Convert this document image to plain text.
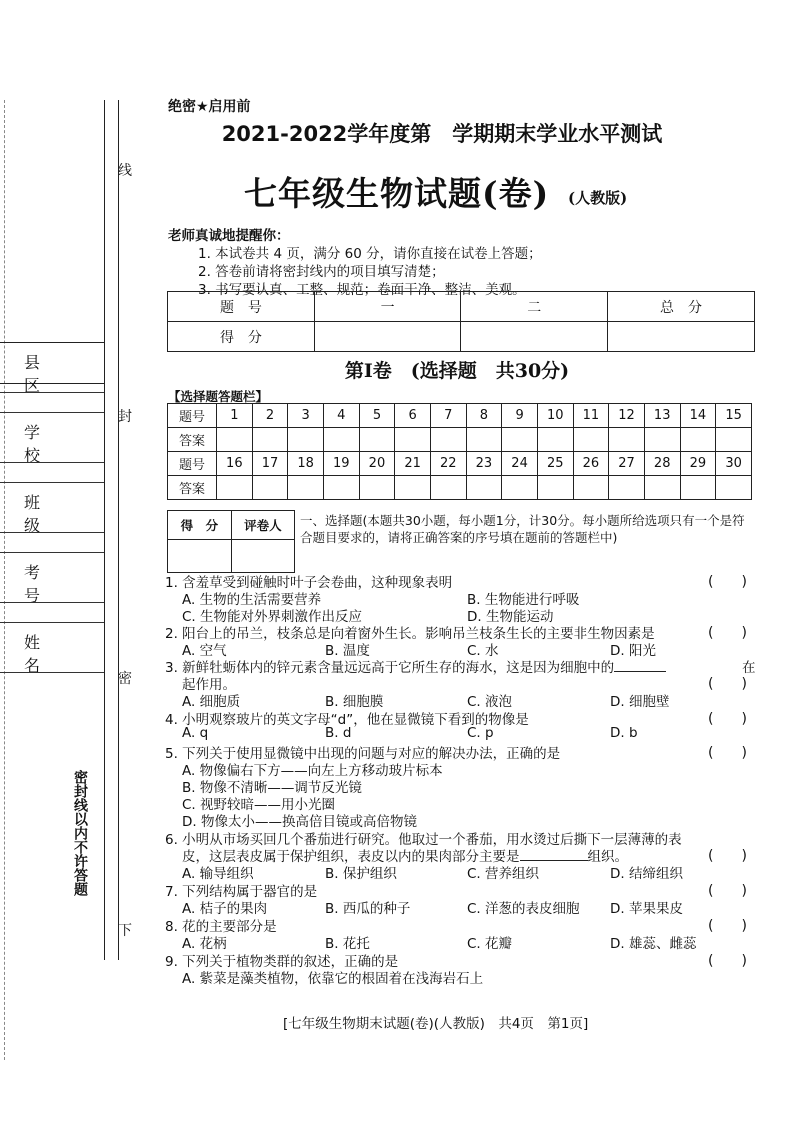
县区
学校
班级
考号
姓名
线
封
密
下
密封线以内不许答题
绝密★启用前
2021-2022学年度第　学期期末学业水平测试
七年级生物试题(卷) (人教版)
老师真诚地提醒你：
1. 本试卷共 4 页，满分 60 分，请你直接在试卷上答题；
2. 答卷前请将密封线内的项目填写清楚；
3. 书写要认真、工整、规范；卷面干净、整洁、美观。
题　号	一	二	总　分
得　分			
第Ⅰ卷　(选择题　共30分)
【选择题答题栏】
题号	1	2	3	4	5	6	7	8	9	10	11	12	13	14	15
答案															
题号	16	17	18	19	20	21	22	23	24	25	26	27	28	29	30
答案															
得　分	评卷人
	一、选择题(本题共30小题，每小题1分，计30分。每小题所给选项只有一个是符合题目要求的，请将正确答案的序号填在题前的答题栏中)
1. 含羞草受到碰触时叶子会卷曲，这种现象表明	(　　)
A. 生物的生活需要营养	B. 生物能进行呼吸
C. 生物能对外界刺激作出反应	D. 生物能运动
2. 阳台上的吊兰，枝条总是向着窗外生长。影响吊兰枝条生长的主要非生物因素是	(　　)
A. 空气	B. 温度	C. 水	D. 阳光
3. 新鲜牡蛎体内的锌元素含量远远高于它所生存的海水，这是因为细胞中的	在
起作用。	(　　)
A. 细胞质	B. 细胞膜	C. 液泡	D. 细胞壁
4. 小明观察玻片的英文字母“d”，他在显微镜下看到的物像是	(　　)
A. q	B. d	C. p	D. b
5. 下列关于使用显微镜中出现的问题与对应的解决办法，正确的是	(　　)
A. 物像偏右下方——向左上方移动玻片标本
B. 物像不清晰——调节反光镜
C. 视野较暗——用小光圈
D. 物像太小——换高倍目镜或高倍物镜
6. 小明从市场买回几个番茄进行研究。他取过一个番茄，用水烫过后撕下一层薄薄的表
皮，这层表皮属于保护组织，表皮以内的果肉部分主要是	组织。	(　　)
A. 输导组织	B. 保护组织	C. 营养组织	D. 结缔组织
7. 下列结构属于器官的是	(　　)
A. 桔子的果肉	B. 西瓜的种子	C. 洋葱的表皮细胞 D. 苹果果皮
8. 花的主要部分是	(　　)
A. 花柄	B. 花托	C. 花瓣	D. 雄蕊、雌蕊
9. 下列关于植物类群的叙述，正确的是	(　　)
A. 紫菜是藻类植物，依靠它的根固着在浅海岩石上
[七年级生物期末试题(卷)(人教版)　共4页　第1页]
